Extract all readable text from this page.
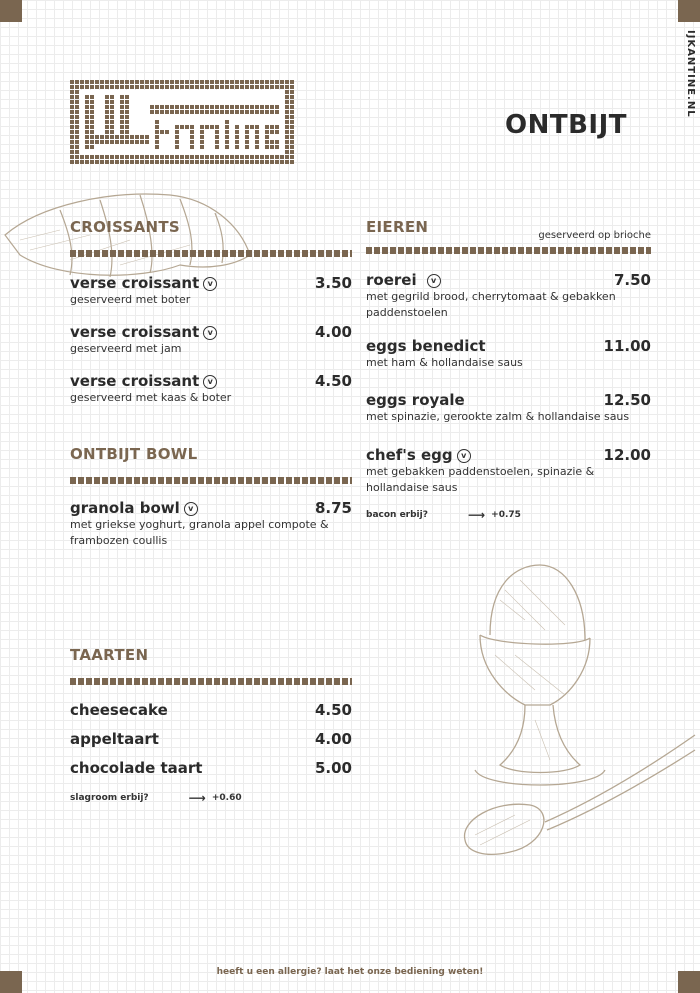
IJKANTINE.NL
ONTBIJT
CROISSANTS
verse croissant v	3.50
geserveerd met boter
verse croissant v	4.00
geserveerd met jam
verse croissant v	4.50
geserveerd met kaas & boter
ONTBIJT BOWL
granola bowl v	8.75
met griekse yoghurt, granola appel compote & frambozen coullis
TAARTEN
cheesecake	4.50
appeltaart	4.00
chocolade taart	5.00
slagroom erbij?	⟶ +0.60
EIEREN	geserveerd op brioche
roerei v	7.50
met gegrild brood, cherrytomaat & gebakken paddenstoelen
eggs benedict	11.00
met ham & hollandaise saus
eggs royale	12.50
met spinazie, gerookte zalm & hollandaise saus
chef's egg v	12.00
met gebakken paddenstoelen, spinazie & hollandaise saus
bacon erbij?	⟶ +0.75
heeft u een allergie? laat het onze bediening weten!
